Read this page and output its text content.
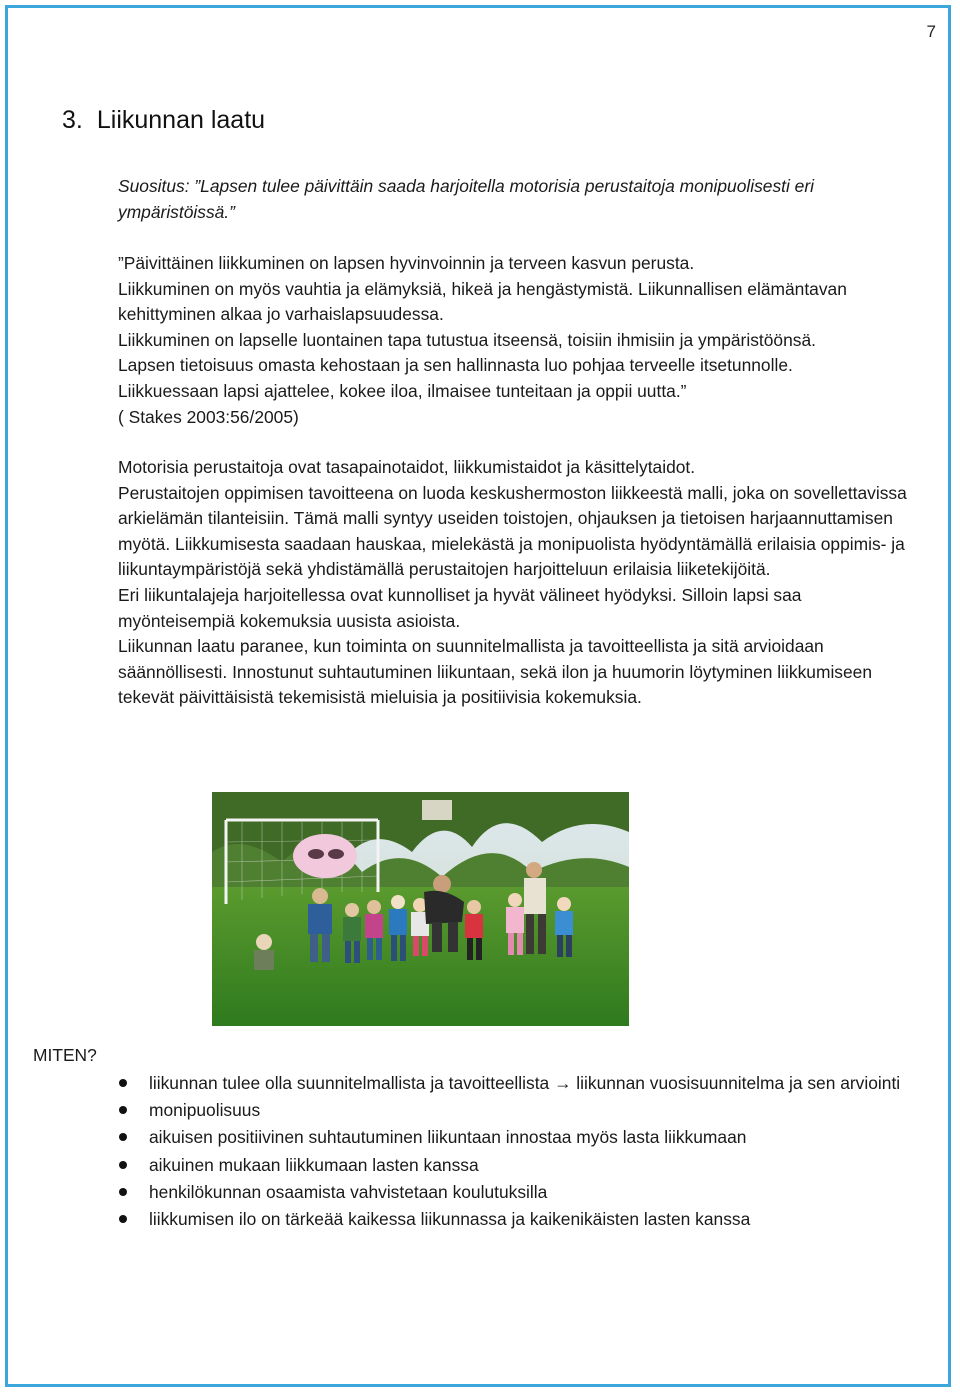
7
3. Liikunnan laatu

Suositus: ”Lapsen tulee päivittäin saada harjoitella motorisia perustaitoja monipuolisesti eri ympäristöissä.”

”Päivittäinen liikkuminen on lapsen hyvinvoinnin ja terveen kasvun perusta.

Liikkuminen on myös vauhtia ja elämyksiä, hikeä ja hengästymistä. Liikunnallisen elämäntavan kehittyminen alkaa jo varhaislapsuudessa.

Liikkuminen on lapselle luontainen tapa tutustua itseensä, toisiin ihmisiin ja ympäristöönsä.

Lapsen tietoisuus omasta kehostaan ja sen hallinnasta luo pohjaa terveelle itsetunnolle.

Liikkuessaan lapsi ajattelee, kokee iloa, ilmaisee tunteitaan ja oppii uutta.”

( Stakes 2003:56/2005)

Motorisia perustaitoja ovat tasapainotaidot, liikkumistaidot ja käsittelytaidot.

Perustaitojen oppimisen tavoitteena on luoda keskushermoston liikkeestä malli, joka on sovellettavissa arkielämän tilanteisiin. Tämä malli syntyy useiden toistojen, ohjauksen ja tietoisen harjaannuttamisen myötä. Liikkumisesta saadaan hauskaa, mielekästä ja monipuolista hyödyntämällä erilaisia oppimis- ja liikuntaympäristöjä sekä yhdistämällä perustaitojen harjoitteluun erilaisia liiketekijöitä.

Eri liikuntalajeja harjoitellessa ovat kunnolliset ja hyvät välineet hyödyksi. Silloin lapsi saa myönteisempiä kokemuksia uusista asioista.

Liikunnan laatu paranee, kun toiminta on suunnitelmallista ja tavoitteellista ja sitä arvioidaan säännöllisesti. Innostunut suhtautuminen liikuntaan, sekä ilon ja huumorin löytyminen liikkumiseen tekevät päivittäisistä tekemisistä mieluisia ja positiivisia kokemuksia.

MITEN?
liikunnan tulee olla suunnitelmallista ja tavoitteellista → liikunnan vuosisuunnitelma ja sen arviointi
monipuolisuus
aikuisen positiivinen suhtautuminen liikuntaan innostaa myös lasta liikkumaan
aikuinen mukaan liikkumaan lasten kanssa
henkilökunnan osaamista vahvistetaan koulutuksilla
liikkumisen ilo on tärkeää kaikessa liikunnassa ja kaikenikäisten lasten kanssa
